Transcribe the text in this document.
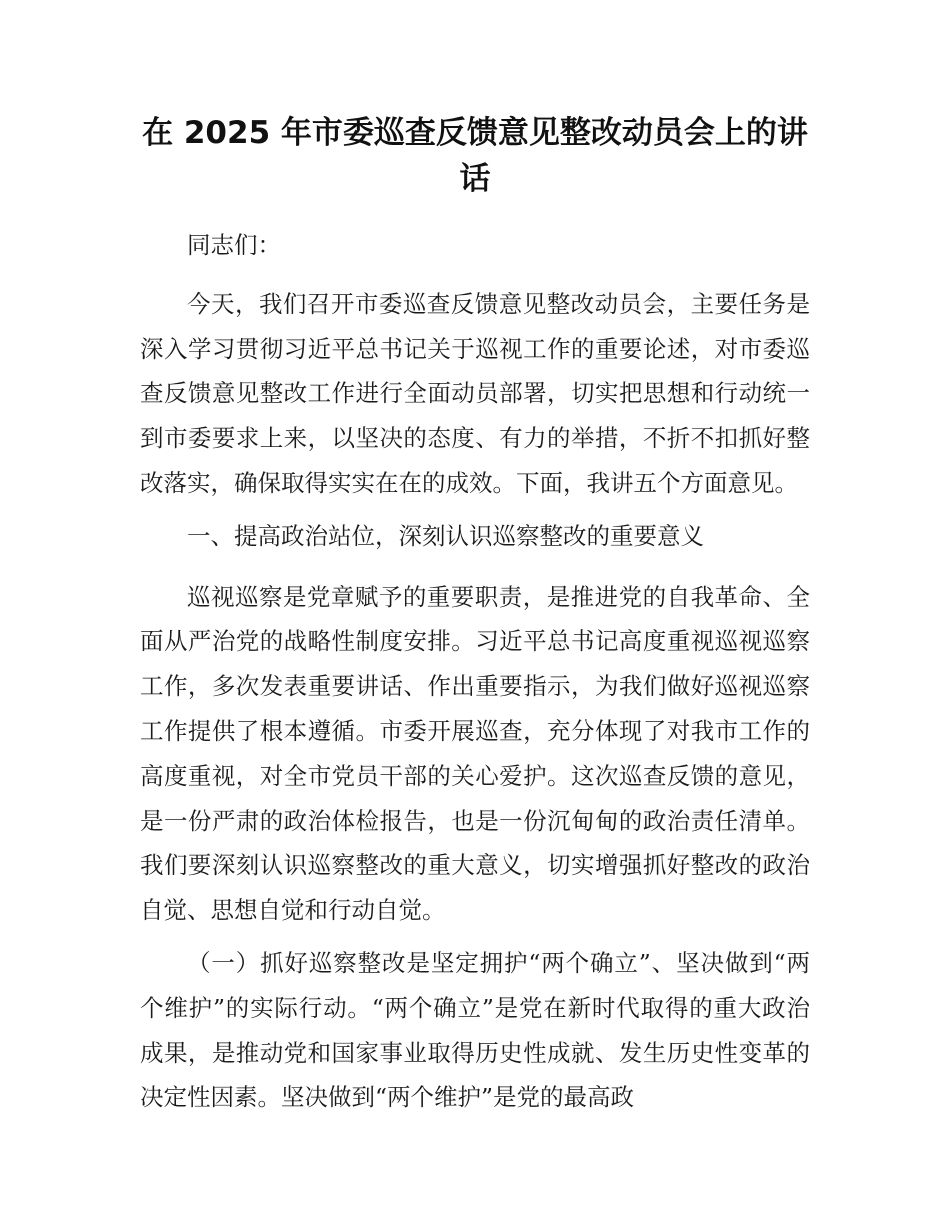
在 2025 年市委巡查反馈意见整改动员会上的讲话

同志们：

今天，我们召开市委巡查反馈意见整改动员会，主要任务是深入学习贯彻习近平总书记关于巡视工作的重要论述，对市委巡查反馈意见整改工作进行全面动员部署，切实把思想和行动统一到市委要求上来，以坚决的态度、有力的举措，不折不扣抓好整改落实，确保取得实实在在的成效。下面，我讲五个方面意见。

一、提高政治站位，深刻认识巡察整改的重要意义

巡视巡察是党章赋予的重要职责，是推进党的自我革命、全面从严治党的战略性制度安排。习近平总书记高度重视巡视巡察工作，多次发表重要讲话、作出重要指示，为我们做好巡视巡察工作提供了根本遵循。市委开展巡查，充分体现了对我市工作的高度重视，对全市党员干部的关心爱护。这次巡查反馈的意见，是一份严肃的政治体检报告，也是一份沉甸甸的政治责任清单。我们要深刻认识巡察整改的重大意义，切实增强抓好整改的政治自觉、思想自觉和行动自觉。

（一）抓好巡察整改是坚定拥护“两个确立”、坚决做到“两个维护”的实际行动。“两个确立”是党在新时代取得的重大政治成果，是推动党和国家事业取得历史性成就、发生历史性变革的决定性因素。坚决做到“两个维护”是党的最高政
